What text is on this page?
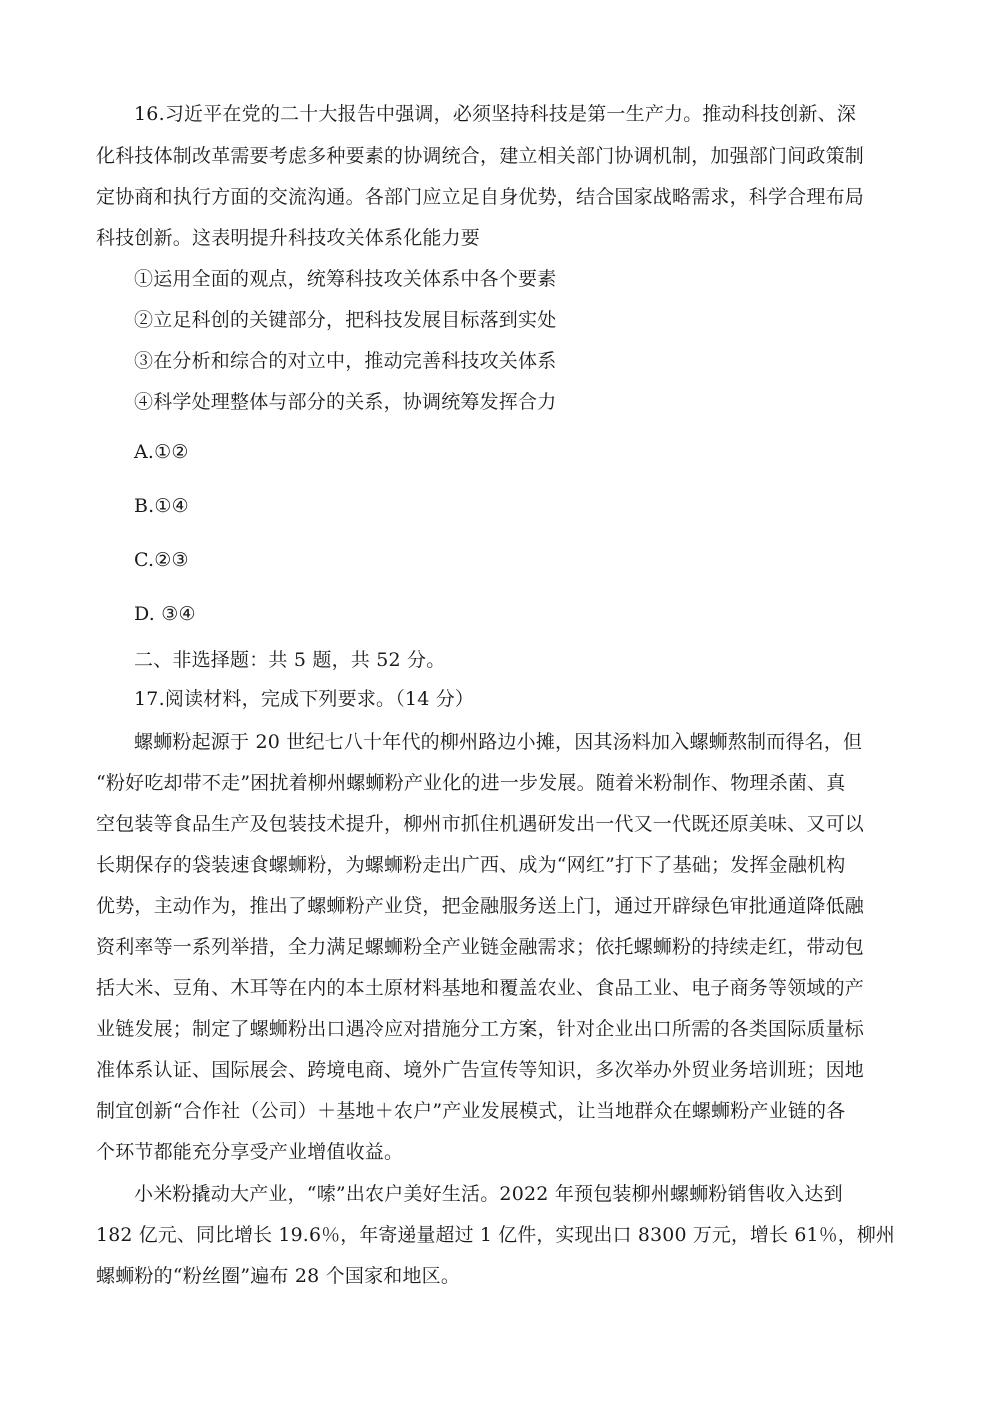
16.习近平在党的二十大报告中强调，必须坚持科技是第一生产力。推动科技创新、深
化科技体制改革需要考虑多种要素的协调统合，建立相关部门协调机制，加强部门间政策制
定协商和执行方面的交流沟通。各部门应立足自身优势，结合国家战略需求，科学合理布局
科技创新。这表明提升科技攻关体系化能力要
①运用全面的观点，统筹科技攻关体系中各个要素
②立足科创的关键部分，把科技发展目标落到实处
③在分析和综合的对立中，推动完善科技攻关体系
④科学处理整体与部分的关系，协调统筹发挥合力
A.①②
B.①④
C.②③
D. ③④
二、非选择题：共 5 题，共 52 分。
17.阅读材料，完成下列要求。（14 分）
螺蛳粉起源于 20 世纪七八十年代的柳州路边小摊，因其汤料加入螺蛳熬制而得名，但
“粉好吃却带不走”困扰着柳州螺蛳粉产业化的进一步发展。随着米粉制作、物理杀菌、真
空包装等食品生产及包装技术提升，柳州市抓住机遇研发出一代又一代既还原美味、又可以
长期保存的袋装速食螺蛳粉，为螺蛳粉走出广西、成为“网红”打下了基础；发挥金融机构
优势，主动作为，推出了螺蛳粉产业贷，把金融服务送上门，通过开辟绿色审批通道降低融
资利率等一系列举措，全力满足螺蛳粉全产业链金融需求；依托螺蛳粉的持续走红，带动包
括大米、豆角、木耳等在内的本土原材料基地和覆盖农业、食品工业、电子商务等领域的产
业链发展；制定了螺蛳粉出口遇冷应对措施分工方案，针对企业出口所需的各类国际质量标
准体系认证、国际展会、跨境电商、境外广告宣传等知识，多次举办外贸业务培训班；因地
制宜创新“合作社（公司）＋基地＋农户”产业发展模式，让当地群众在螺蛳粉产业链的各
个环节都能充分享受产业增值收益。
小米粉撬动大产业，“嗦”出农户美好生活。2022 年预包装柳州螺蛳粉销售收入达到
182 亿元、同比增长 19.6％，年寄递量超过 1 亿件，实现出口 8300 万元，增长 61％，柳州
螺蛳粉的“粉丝圈”遍布 28 个国家和地区。
